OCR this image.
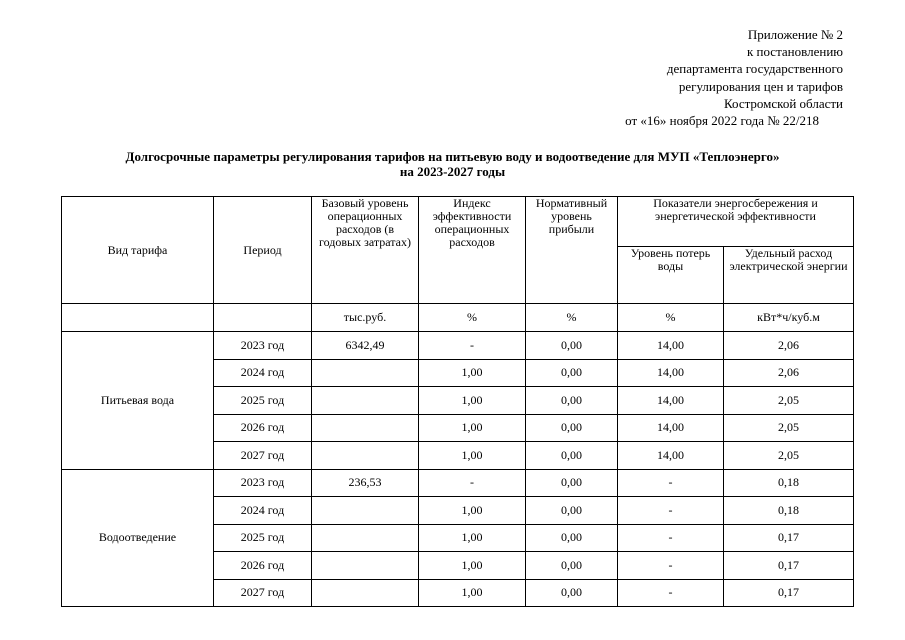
Приложение № 2
к постановлению
департамента государственного
регулирования цен и тарифов
Костромской области
от «16» ноября 2022 года № 22/218
Долгосрочные параметры регулирования тарифов на питьевую воду и водоотведение для МУП «Теплоэнерго»
на 2023-2027 годы
Вид тарифа	Период	Базовый уровень операционных расходов (в годовых затратах)	Индекс эффективности операционных расходов	Нормативный уровень прибыли	Показатели энергосбережения и энергетической эффективности	
					Уровень потерь воды	Удельный расход электрической энергии
		тыс.руб.	%	%	%	кВт*ч/куб.м
Питьевая вода	2023 год	6342,49	-	0,00	14,00	2,06
	2024 год		1,00	0,00	14,00	2,06
	2025 год		1,00	0,00	14,00	2,05
	2026 год		1,00	0,00	14,00	2,05
	2027 год		1,00	0,00	14,00	2,05
Водоотведение	2023 год	236,53	-	0,00	-	0,18
	2024 год		1,00	0,00	-	0,18
	2025 год		1,00	0,00	-	0,17
	2026 год		1,00	0,00	-	0,17
	2027 год		1,00	0,00	-	0,17
